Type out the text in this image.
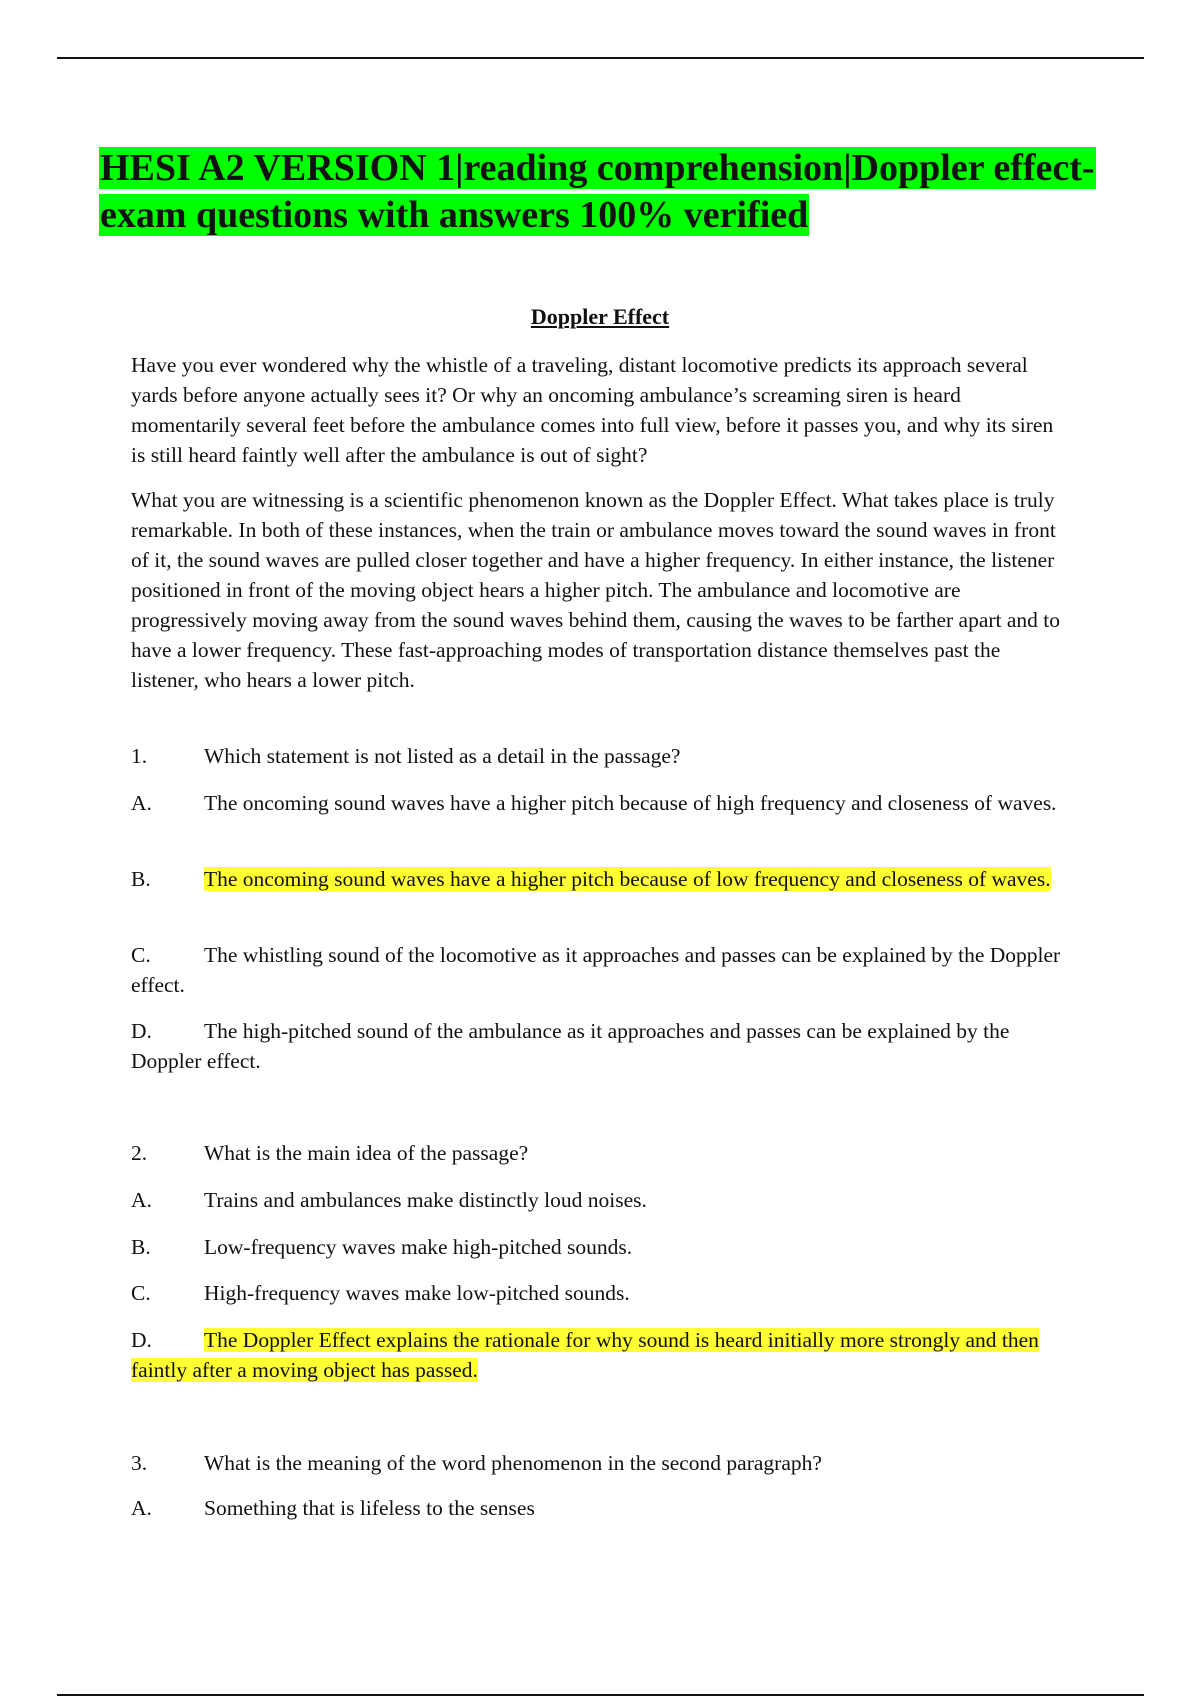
HESI A2 VERSION 1|reading comprehension|Doppler effect-exam questions with answers 100% verified
Doppler Effect

Have you ever wondered why the whistle of a traveling, distant locomotive predicts its approach several yards before anyone actually sees it? Or why an oncoming ambulance’s screaming siren is heard momentarily several feet before the ambulance comes into full view, before it passes you, and why its siren is still heard faintly well after the ambulance is out of sight?

What you are witnessing is a scientific phenomenon known as the Doppler Effect. What takes place is truly remarkable. In both of these instances, when the train or ambulance moves toward the sound waves in front of it, the sound waves are pulled closer together and have a higher frequency. In either instance, the listener positioned in front of the moving object hears a higher pitch. The ambulance and locomotive are progressively moving away from the sound waves behind them, causing the waves to be farther apart and to have a lower frequency. These fast-approaching modes of transportation distance themselves past the listener, who hears a lower pitch.

1.	Which statement is not listed as a detail in the passage?

A. The oncoming sound waves have a higher pitch because of high frequency and closeness of waves.

B. The oncoming sound waves have a higher pitch because of low frequency and closeness of waves.

C. The whistling sound of the locomotive as it approaches and passes can be explained by the Doppler effect.

D. The high-pitched sound of the ambulance as it approaches and passes can be explained by the Doppler effect.

2.	What is the main idea of the passage?

A. Trains and ambulances make distinctly loud noises.

B. Low-frequency waves make high-pitched sounds.

C. High-frequency waves make low-pitched sounds.

D. The Doppler Effect explains the rationale for why sound is heard initially more strongly and then faintly after a moving object has passed.

3.	What is the meaning of the word phenomenon in the second paragraph?

A. Something that is lifeless to the senses
